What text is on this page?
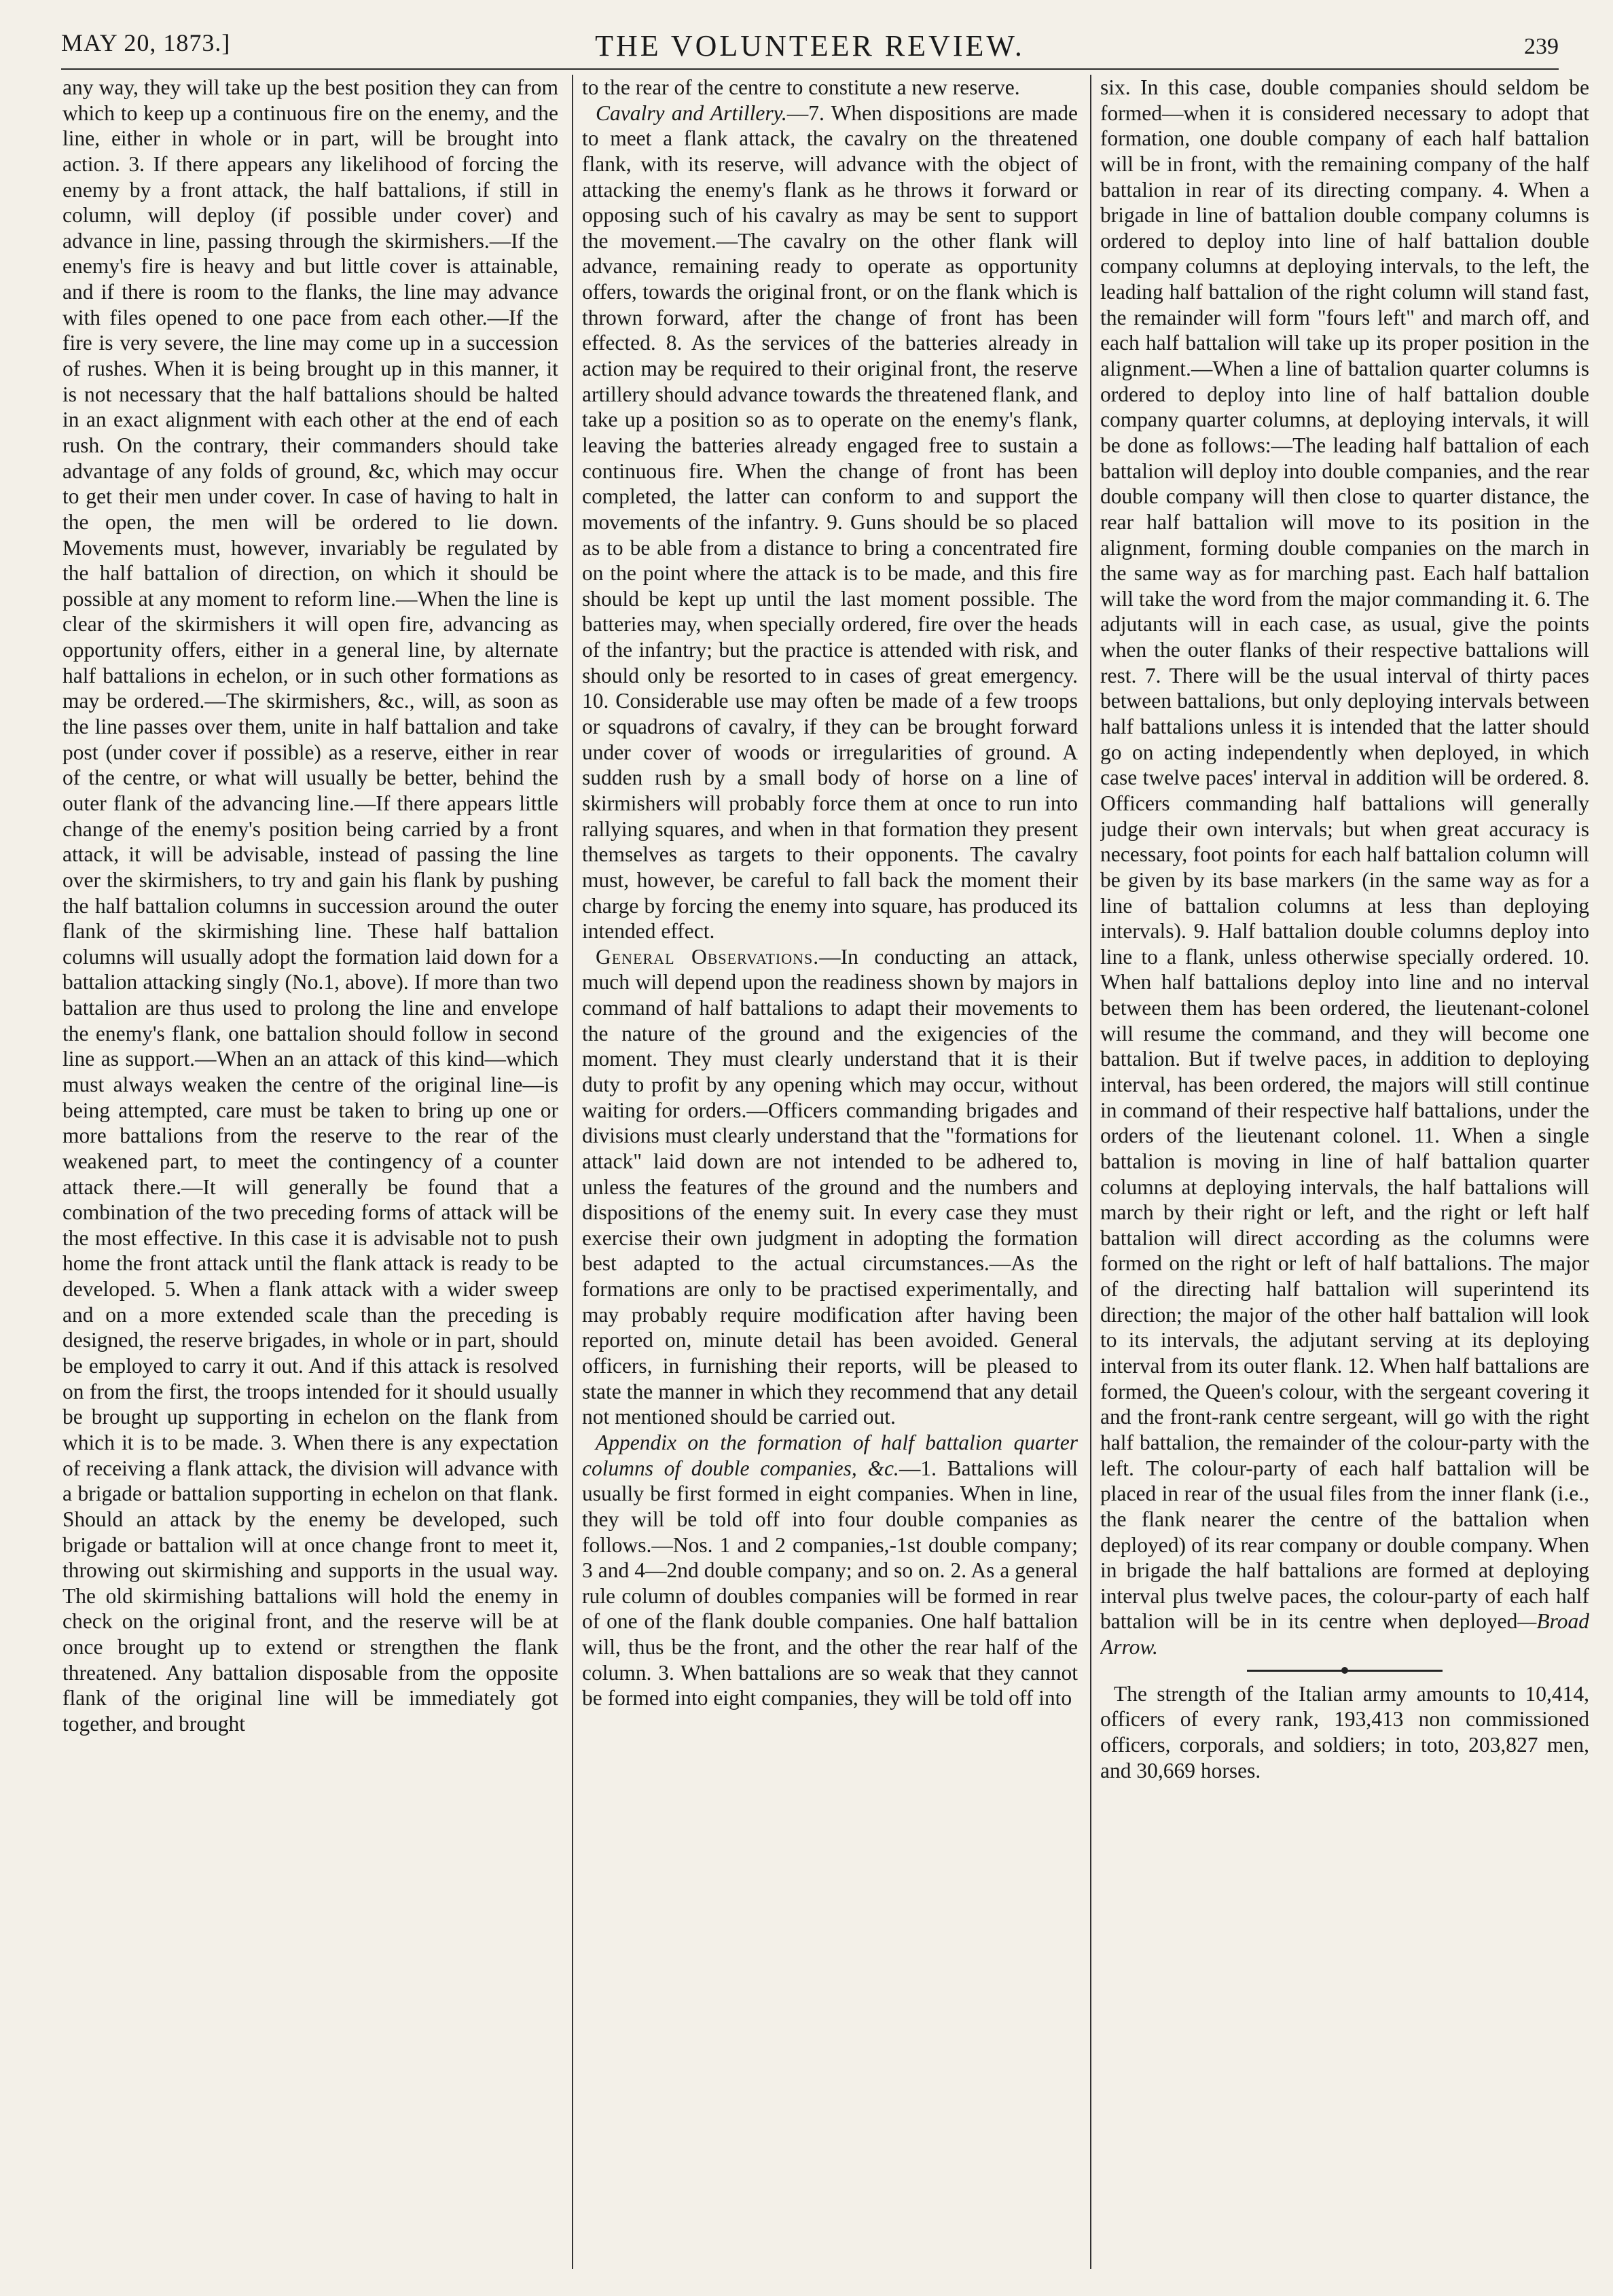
MAY 20, 1873.]	THE VOLUNTEER REVIEW.	239

any way, they will take up the best position they can from which to keep up a continuous fire on the enemy, and the line, either in whole or in part, will be brought into action. 3. If there appears any likelihood of forcing the enemy by a front attack, the half battalions, if still in column, will deploy (if possible under cover) and advance in line, passing through the skirmishers.—If the enemy's fire is heavy and but little cover is attainable, and if there is room to the flanks, the line may advance with files opened to one pace from each other.—If the fire is very severe, the line may come up in a succession of rushes. When it is being brought up in this manner, it is not necessary that the half battalions should be halted in an exact alignment with each other at the end of each rush. On the contrary, their commanders should take advantage of any folds of ground, &c, which may occur to get their men under cover. In case of having to halt in the open, the men will be ordered to lie down. Movements must, however, invariably be regulated by the half battalion of direction, on which it should be possible at any moment to reform line.—When the line is clear of the skirmishers it will open fire, advancing as opportunity offers, either in a general line, by alternate half battalions in echelon, or in such other formations as may be ordered.—The skirmishers, &c., will, as soon as the line passes over them, unite in half battalion and take post (under cover if possible) as a reserve, either in rear of the centre, or what will usually be better, behind the outer flank of the advancing line.—If there appears little change of the enemy's position being carried by a front attack, it will be advisable, instead of passing the line over the skirmishers, to try and gain his flank by pushing the half battalion columns in succession around the outer flank of the skirmishing line. These half battalion columns will usually adopt the formation laid down for a battalion attacking singly (No.1, above). If more than two battalion are thus used to prolong the line and envelope the enemy's flank, one battalion should follow in second line as support.—When an an attack of this kind—which must always weaken the centre of the original line—is being attempted, care must be taken to bring up one or more battalions from the reserve to the rear of the weakened part, to meet the contingency of a counter attack there.—It will generally be found that a combination of the two preceding forms of attack will be the most effective. In this case it is advisable not to push home the front attack until the flank attack is ready to be developed. 5. When a flank attack with a wider sweep and on a more extended scale than the preceding is designed, the reserve brigades, in whole or in part, should be employed to carry it out. And if this attack is resolved on from the first, the troops intended for it should usually be brought up supporting in echelon on the flank from which it is to be made. 3. When there is any expectation of receiving a flank attack, the division will advance with a brigade or battalion supporting in echelon on that flank. Should an attack by the enemy be developed, such brigade or battalion will at once change front to meet it, throwing out skirmishing and supports in the usual way. The old skirmishing battalions will hold the enemy in check on the original front, and the reserve will be at once brought up to extend or strengthen the flank threatened. Any battalion disposable from the opposite flank of the original line will be immediately got together, and brought

to the rear of the centre to constitute a new reserve.

Cavalry and Artillery.—7. When dispositions are made to meet a flank attack, the cavalry on the threatened flank, with its reserve, will advance with the object of attacking the enemy's flank as he throws it forward or opposing such of his cavalry as may be sent to support the movement.—The cavalry on the other flank will advance, remaining ready to operate as opportunity offers, towards the original front, or on the flank which is thrown forward, after the change of front has been effected. 8. As the services of the batteries already in action may be required to their original front, the reserve artillery should advance towards the threatened flank, and take up a position so as to operate on the enemy's flank, leaving the batteries already engaged free to sustain a continuous fire. When the change of front has been completed, the latter can conform to and support the movements of the infantry. 9. Guns should be so placed as to be able from a distance to bring a concentrated fire on the point where the attack is to be made, and this fire should be kept up until the last moment possible. The batteries may, when specially ordered, fire over the heads of the infantry; but the practice is attended with risk, and should only be resorted to in cases of great emergency. 10. Considerable use may often be made of a few troops or squadrons of cavalry, if they can be brought forward under cover of woods or irregularities of ground. A sudden rush by a small body of horse on a line of skirmishers will probably force them at once to run into rallying squares, and when in that formation they present themselves as targets to their opponents. The cavalry must, however, be careful to fall back the moment their charge by forcing the enemy into square, has produced its intended effect.

General Observations.—In conducting an attack, much will depend upon the readiness shown by majors in command of half battalions to adapt their movements to the nature of the ground and the exigencies of the moment. They must clearly understand that it is their duty to profit by any opening which may occur, without waiting for orders.—Officers commanding brigades and divisions must clearly understand that the "formations for attack" laid down are not intended to be adhered to, unless the features of the ground and the numbers and dispositions of the enemy suit. In every case they must exercise their own judgment in adopting the formation best adapted to the actual circumstances.—As the formations are only to be practised experimentally, and may probably require modification after having been reported on, minute detail has been avoided. General officers, in furnishing their reports, will be pleased to state the manner in which they recommend that any detail not mentioned should be carried out.

Appendix on the formation of half battalion quarter columns of double companies, &c.—1. Battalions will usually be first formed in eight companies. When in line, they will be told off into four double companies as follows.—Nos. 1 and 2 companies,-1st double company; 3 and 4—2nd double company; and so on. 2. As a general rule column of doubles companies will be formed in rear of one of the flank double companies. One half battalion will, thus be the front, and the other the rear half of the column. 3. When battalions are so weak that they cannot be formed into eight companies, they will be told off into

six. In this case, double companies should seldom be formed—when it is considered necessary to adopt that formation, one double company of each half battalion will be in front, with the remaining company of the half battalion in rear of its directing company. 4. When a brigade in line of battalion double company columns is ordered to deploy into line of half battalion double company columns at deploying intervals, to the left, the leading half battalion of the right column will stand fast, the remainder will form "fours left" and march off, and each half battalion will take up its proper position in the alignment.—When a line of battalion quarter columns is ordered to deploy into line of half battalion double company quarter columns, at deploying intervals, it will be done as follows:—The leading half battalion of each battalion will deploy into double companies, and the rear double company will then close to quarter distance, the rear half battalion will move to its position in the alignment, forming double companies on the march in the same way as for marching past. Each half battalion will take the word from the major commanding it. 6. The adjutants will in each case, as usual, give the points when the outer flanks of their respective battalions will rest. 7. There will be the usual interval of thirty paces between battalions, but only deploying intervals between half battalions unless it is intended that the latter should go on acting independently when deployed, in which case twelve paces' interval in addition will be ordered. 8. Officers commanding half battalions will generally judge their own intervals; but when great accuracy is necessary, foot points for each half battalion column will be given by its base markers (in the same way as for a line of battalion columns at less than deploying intervals). 9. Half battalion double columns deploy into line to a flank, unless otherwise specially ordered. 10. When half battalions deploy into line and no interval between them has been ordered, the lieutenant-colonel will resume the command, and they will become one battalion. But if twelve paces, in addition to deploying interval, has been ordered, the majors will still continue in command of their respective half battalions, under the orders of the lieutenant colonel. 11. When a single battalion is moving in line of half battalion quarter columns at deploying intervals, the half battalions will march by their right or left, and the right or left half battalion will direct according as the columns were formed on the right or left of half battalions. The major of the directing half battalion will superintend its direction; the major of the other half battalion will look to its intervals, the adjutant serving at its deploying interval from its outer flank. 12. When half battalions are formed, the Queen's colour, with the sergeant covering it and the front-rank centre sergeant, will go with the right half battalion, the remainder of the colour-party with the left. The colour-party of each half battalion will be placed in rear of the usual files from the inner flank (i.e., the flank nearer the centre of the battalion when deployed) of its rear company or double company. When in brigade the half battalions are formed at deploying interval plus twelve paces, the colour-party of each half battalion will be in its centre when deployed—Broad Arrow.

The strength of the Italian army amounts to 10,414, officers of every rank, 193,413 non commissioned officers, corporals, and soldiers; in toto, 203,827 men, and 30,669 horses.
